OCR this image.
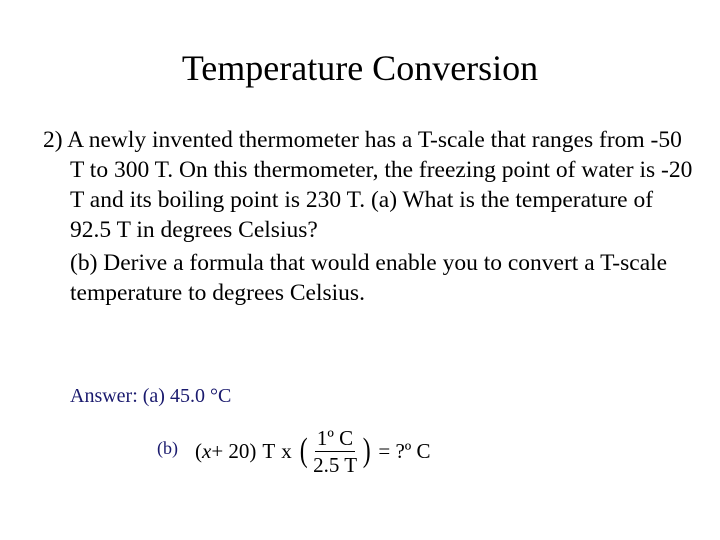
Temperature Conversion

2) A newly invented thermometer has a T-scale that ranges from -50 T to 300 T. On this thermometer, the freezing point of water is -20 T and its boiling point is 230 T. (a) What is the temperature of 92.5 T in degrees Celsius?

(b) Derive a formula that would enable you to convert a T-scale temperature to degrees Celsius.

Answer: (a) 45.0 °C
(b) ( x + 20) T x ( $\frac{\text{1º C}}{2.5 T}$ ) = ?º C
